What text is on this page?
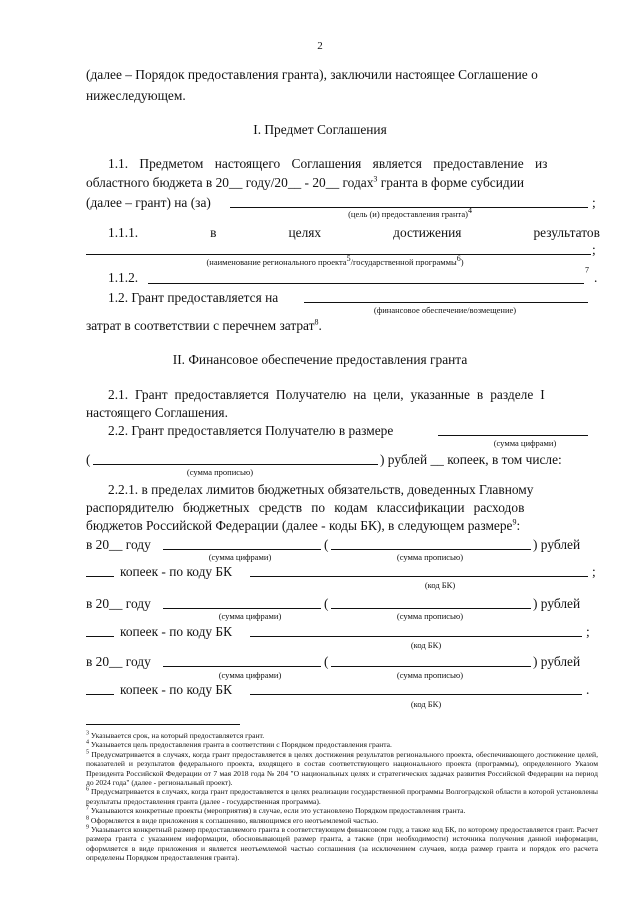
2
(далее – Порядок предоставления гранта), заключили настоящее Соглашение о
нижеследующем.
I. Предмет Соглашения
1.1. Предметом настоящего Соглашения является предоставление из
областного бюджета в 20__ году/20__ - 20__ годах$^3$ гранта в форме субсидии
(далее – грант) на (за)	;
(цель (и) предоставления гранта)4
1.1.1.	в	целях	достижения	результатов
;
(наименование регионального проекта5/государственной программы6)
1.1.2.	$^7$ .
1.2. Грант предоставляется на
(финансовое обеспечение/возмещение)
затрат в соответствии с перечнем затрат$^8$.
II. Финансовое обеспечение предоставления гранта
2.1. Грант предоставляется Получателю на цели, указанные в разделе I
настоящего Соглашения.
2.2. Грант предоставляется Получателю в размере
(сумма цифрами)
(	) рублей __ копеек, в том числе:
(сумма прописью)
2.2.1. в пределах лимитов бюджетных обязательств, доведенных Главному
распорядителю бюджетных средств по кодам классификации расходов
бюджетов Российской Федерации (далее - коды БК), в следующем размере$^9$:
в 20__ году	(	) рублей
(сумма цифрами)	(сумма прописью)
копеек - по коду БК	;
(код БК)
в 20__ году	(	) рублей
(сумма цифрами)	(сумма прописью)
копеек - по коду БК	;
(код БК)
в 20__ году	(	) рублей
(сумма цифрами)	(сумма прописью)
копеек - по коду БК	.
(код БК)

$^3$ Указывается срок, на который предоставляется грант.

$^4$ Указывается цель предоставления гранта в соответствии с Порядком предоставления гранта.

$^5$ Предусматривается в случаях, когда грант предоставляется в целях достижения результатов регионального проекта, обеспечивающего достижение целей, показателей и результатов федерального проекта, входящего в состав соответствующего национального проекта (программы), определенного Указом Президента Российской Федерации от 7 мая 2018 года № 204 "О национальных целях и стратегических задачах развития Российской Федерации на период до 2024 года" (далее - региональный проект).

$^6$ Предусматривается в случаях, когда грант предоставляется в целях реализации государственной программы Волгоградской области в которой установлены результаты предоставления гранта (далее - государственная программа).

$^7$ Указываются конкретные проекты (мероприятия) в случае, если это установлено Порядком предоставления гранта.

$^8$ Оформляется в виде приложения к соглашению, являющимся его неотъемлемой частью.

$^9$ Указывается конкретный размер предоставляемого гранта в соответствующем финансовом году, а также код БК, по которому предоставляется грант. Расчет размера гранта с указанием информации, обосновывающей размер гранта, а также (при необходимости) источника получения данной информации, оформляется в виде приложения и является неотъемлемой частью соглашения (за исключением случаев, когда размер гранта и порядок его расчета определены Порядком предоставления гранта).
